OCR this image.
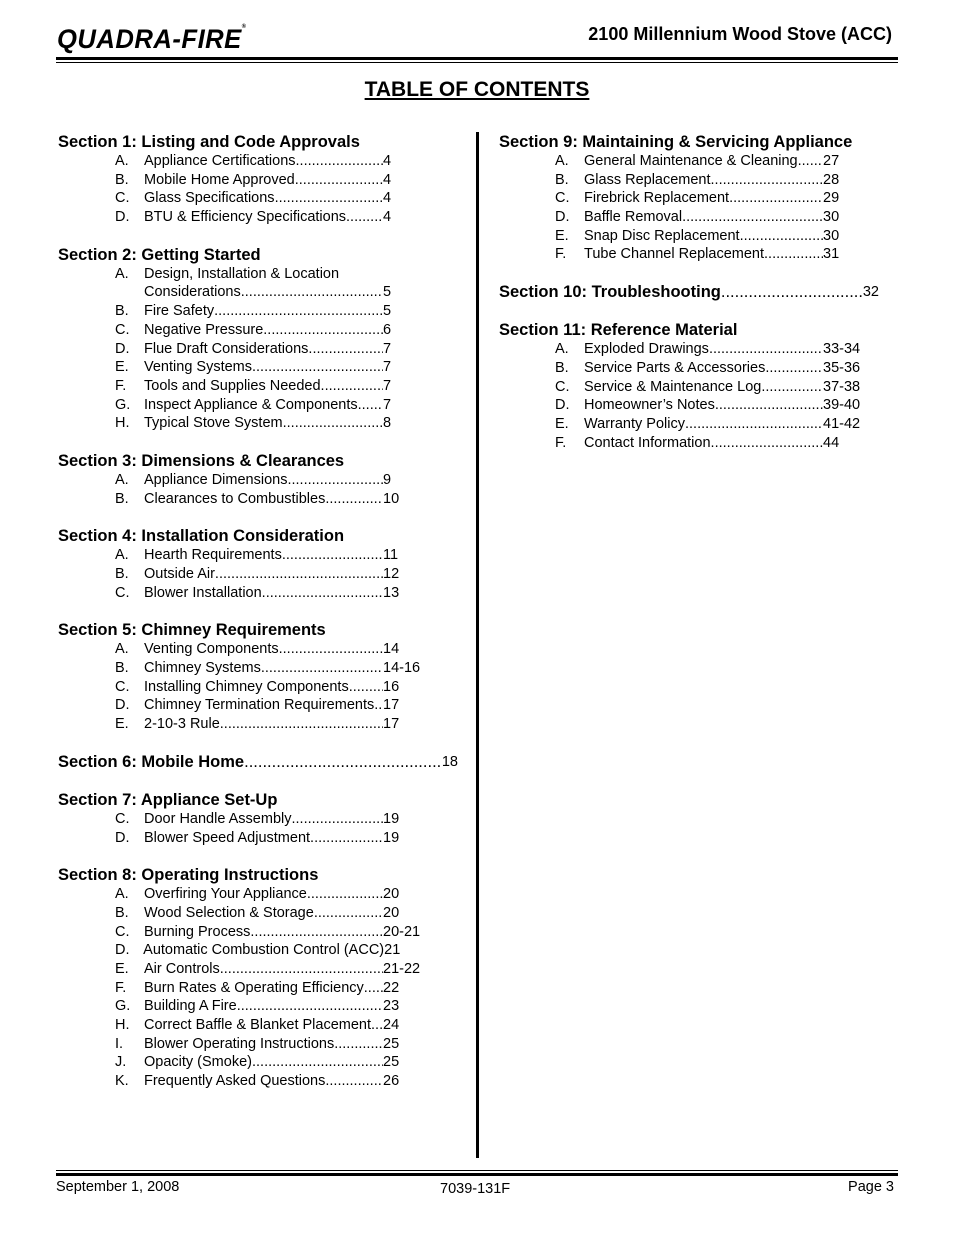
QUADRA-FIRE®	2100 Millennium Wood Stove (ACC)
TABLE OF CONTENTS
Section 1: Listing and Code Approvals
A.	Appliance Certifications .....	4
B.	Mobile Home Approved .....	4
C.	Glass Specifications .....	4
D.	BTU & Efficiency Specifications .....	4
Section 2: Getting Started
A.	Design, Installation & Location
Considerations .....	5
B.	Fire Safety .....	5
C.	Negative Pressure .....	6
D.	Flue Draft Considerations .....	7
E.	Venting Systems .....	7
F.	Tools and Supplies Needed .....	7
G. Inspect Appliance & Components ..... 7
H.	Typical Stove System .....	8
Section 3: Dimensions & Clearances
A.	Appliance Dimensions .....	9
B.	Clearances to Combustibles .....	10
Section 4: Installation Consideration
A.	Hearth Requirements .....	11
B.	Outside Air .....	12
C.	Blower Installation .....	13
Section 5: Chimney Requirements
A.	Venting Components .....	14
B.	Chimney Systems .....	14-16
C.	Installing Chimney Components ..... 16
D.	Chimney Termination Requirements ..... 17
E.	2-10-3 Rule .....	17
Section 6: Mobile Home .....	18
Section 7: Appliance Set-Up
C.	Door Handle Assembly .....	19
D.	Blower Speed Adjustment .....	19
Section 8: Operating Instructions
A.	Overfiring Your Appliance .....	20
B.	Wood Selection & Storage .....	20
C.	Burning Process .....	20-21
D. Automatic Combustion Control (ACC) 21
E.	Air Controls .....	21-22
F.	Burn Rates & Operating Efficiency ..... 22
G. Building A Fire .....	23
H.	Correct Baffle & Blanket Placement ..... 24
I.	Blower Operating Instructions .....	25
J.	Opacity (Smoke) .....	25
K.	Frequently Asked Questions .....	26
Section 9: Maintaining & Servicing Appliance
A.	General Maintenance & Cleaning ..... 27
B.	Glass Replacement .....	28
C.	Firebrick Replacement .....	29
D.	Baffle Removal .....	30
E.	Snap Disc Replacement .....	30
F.	Tube Channel Replacement .....	31
Section 10: Troubleshooting .....	32
Section 11: Reference Material
A.	Exploded Drawings .....	33-34
B.	Service Parts & Accessories .....	35-36
C.	Service & Maintenance Log .....	37-38
D.	Homeowner’s Notes .....	39-40
E.	Warranty Policy .....	41-42
F.	Contact Information .....	44
September 1, 2008	7039-131F	Page 3
